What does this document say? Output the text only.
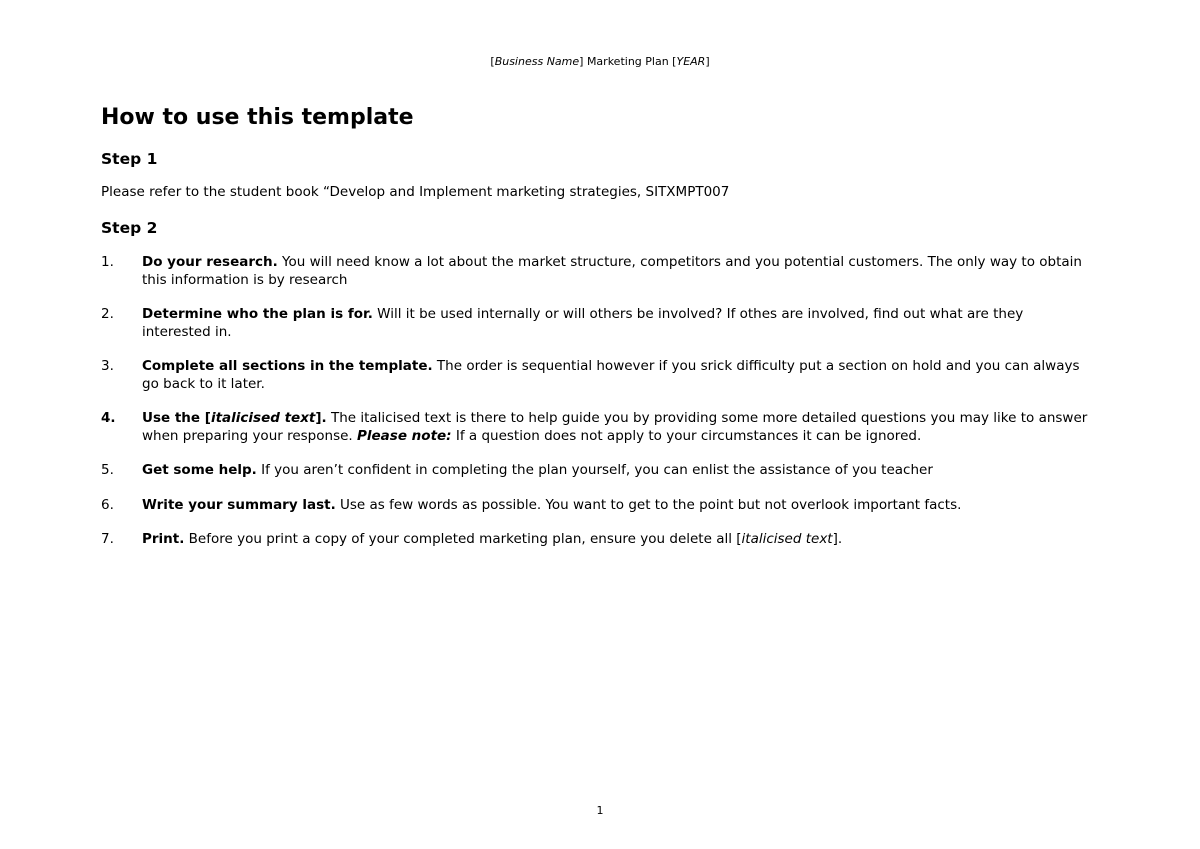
[Business Name] Marketing Plan [YEAR]
How to use this template
Step 1

Please refer to the student book “Develop and Implement marketing strategies, SITXMPT007

Step 2
1. Do your research. You will need know a lot about the market structure, competitors and you potential customers. The only way to obtain this information is by research
2. Determine who the plan is for. Will it be used internally or will others be involved? If othes are involved, find out what are they interested in.
3. Complete all sections in the template. The order is sequential however if you srick difficulty put a section on hold and you can always go back to it later.
4. Use the [italicised text]. The italicised text is there to help guide you by providing some more detailed questions you may like to answer when preparing your response. Please note: If a question does not apply to your circumstances it can be ignored.
5. Get some help. If you aren’t confident in completing the plan yourself, you can enlist the assistance of you teacher
6. Write your summary last. Use as few words as possible. You want to get to the point but not overlook important facts.
7. Print. Before you print a copy of your completed marketing plan, ensure you delete all [italicised text].
1
